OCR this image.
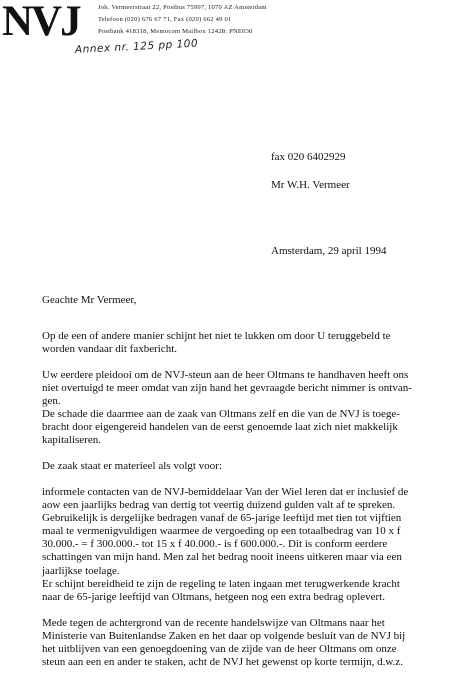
NVJ	Joh. Vermeerstraat 22, Postbus 75997, 1070 AZ Amsterdam
Telefoon (020) 676 67 71, Fax (020) 662 49 01
Postbank 418318, Memocom Mailbox 12428: PNE030
Annex nr. 125 pp 100
fax 020 6402929
Mr W.H. Vermeer
Amsterdam, 29 april 1994
Geachte Mr Vermeer,
Op de een of andere manier schijnt het niet te lukken om door U teruggebeld te
worden vandaar dit faxbericht.
Uw eerdere pleidooi om de NVJ-steun aan de heer Oltmans te handhaven heeft ons
niet overtuigd te meer omdat van zijn hand het gevraagde bericht nimmer is ontvan-
gen.
De schade die daarmee aan de zaak van Oltmans zelf en die van de NVJ is toege-
bracht door eigengereid handelen van de eerst genoemde laat zich niet makkelijk
kapitaliseren.
De zaak staat er materieel als volgt voor:
informele contacten van de NVJ-bemiddelaar Van der Wiel leren dat er inclusief de
aow een jaarlijks bedrag van dertig tot veertig duizend gulden valt af te spreken.
Gebruikelijk is dergelijke bedragen vanaf de 65-jarige leeftijd met tien tot vijftien
maal te vermenigvuldigen waarmee de vergoeding op een totaalbedrag van 10 x f
30.000.- = f 300.000.- tot 15 x f 40.000.- is f 600.000.-. Dit is conform eerdere
schattingen van mijn hand. Men zal het bedrag nooit ineens uitkeren maar via een
jaarlijkse toelage.
Er schijnt bereidheid te zijn de regeling te laten ingaan met terugwerkende kracht
naar de 65-jarige leeftijd van Oltmans, hetgeen nog een extra bedrag oplevert.
Mede tegen de achtergrond van de recente handelswijze van Oltmans naar het
Ministerie van Buitenlandse Zaken en het daar op volgende besluit van de NVJ bij
het uitblijven van een genoegdoening van de zijde van de heer Oltmans om onze
steun aan een en ander te staken, acht de NVJ het gewenst op korte termijn, d.w.z.
